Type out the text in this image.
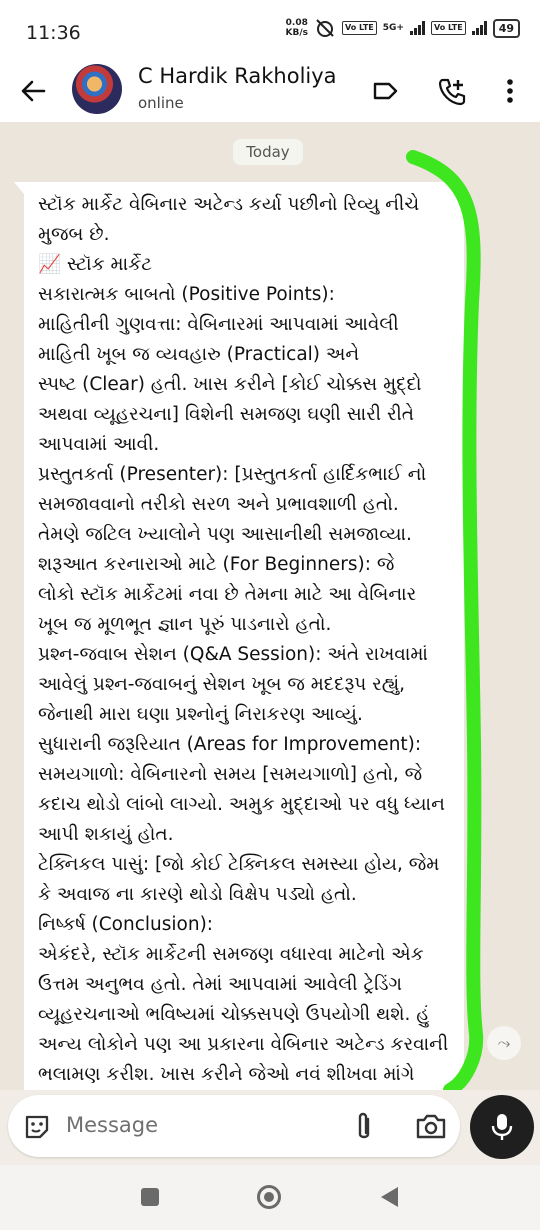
11:36	0.08
KB/s
Vo LTE	5G+	Vo LTE	49
C Hardik Rakholiya
online
Today
સ્ટૉક માર્કેટ વેબિનાર અટેન્ડ કર્યા પછીનો રિવ્યુ નીચે
મુજબ છે.
📈 સ્ટૉક માર્કેટ
સકારાત્મક બાબતો (Positive Points):
માહિતીની ગુણવત્તા: વેબિનારમાં આપવામાં આવેલી
માહિતી ખૂબ જ વ્યવહારુ (Practical) અને
સ્પષ્ટ (Clear) હતી. ખાસ કરીને [કોઈ ચોક્કસ મુદ્દો
અથવા વ્યૂહરચના] વિશેની સમજણ ઘણી સારી રીતે
આપવામાં આવી.
પ્રસ્તુતકર્તા (Presenter): [પ્રસ્તુતકર્તા હાર્દિકભાઈ નો
સમજાવવાનો તરીકો સરળ અને પ્રભાવશાળી હતો.
તેમણે જટિલ ખ્યાલોને પણ આસાનીથી સમજાવ્યા.
શરૂઆત કરનારાઓ માટે (For Beginners): જે
લોકો સ્ટૉક માર્કેટમાં નવા છે તેમના માટે આ વેબિનાર
ખૂબ જ મૂળભૂત જ્ઞાન પૂરું પાડનારો હતો.
પ્રશ્ન-જવાબ સેશન (Q&A Session): અંતે રાખવામાં
આવેલું પ્રશ્ન-જવાબનું સેશન ખૂબ જ મદદરૂપ રહ્યું,
જેનાથી મારા ઘણા પ્રશ્નોનું નિરાકરણ આવ્યું.
સુધારાની જરૂરિયાત (Areas for Improvement):
સમયગાળો: વેબિનારનો સમય [સમયગાળો] હતો, જે
કદાચ થોડો લાંબો લાગ્યો. અમુક મુદ્દાઓ પર વધુ ધ્યાન
આપી શકાયું હોત.
ટેક્નિકલ પાસું: [જો કોઈ ટેક્નિકલ સમસ્યા હોય, જેમ
કે અવાજ ના કારણે થોડો વિક્ષેપ પડ્યો હતો.
નિષ્કર્ષ (Conclusion):
એકંદરે, સ્ટૉક માર્કેટની સમજણ વધારવા માટેનો એક
ઉત્તમ અનુભવ હતો. તેમાં આપવામાં આવેલી ટ્રેડિંગ
વ્યૂહરચનાઓ ભવિષ્યમાં ચોક્કસપણે ઉપયોગી થશે. હું
અન્ય લોકોને પણ આ પ્રકારના વેબિનાર અટેન્ડ કરવાની
ભલામણ કરીશ. ખાસ કરીને જેઓ નવં શીખવા માંગે
⤳
Message
